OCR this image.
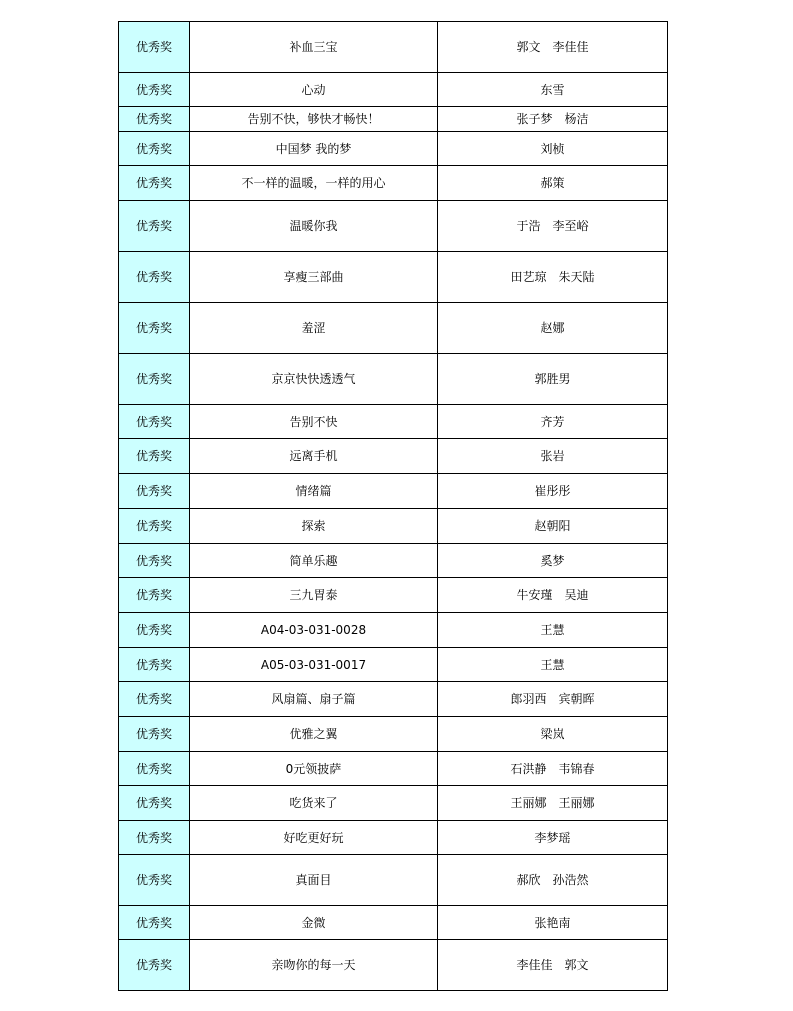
优秀奖	补血三宝	郭文　李佳佳
优秀奖	心动	东雪
优秀奖	告别不快，够快才畅快！	张子梦　杨洁
优秀奖	中国梦 我的梦	刘桢
优秀奖	不一样的温暖，一样的用心	郝策
优秀奖	温暖你我	于浩　李至峪
优秀奖	享瘦三部曲	田艺琼　朱天陆
优秀奖	羞涩	赵娜
优秀奖	京京快快透透气	郭胜男
优秀奖	告别不快	齐芳
优秀奖	远离手机	张岩
优秀奖	情绪篇	崔彤彤
优秀奖	探索	赵朝阳
优秀奖	简单乐趣	奚梦
优秀奖	三九胃泰	牛安瑾　吴迪
优秀奖	A04-03-031-0028	王慧
优秀奖	A05-03-031-0017	王慧
优秀奖	风扇篇、扇子篇	郎羽西　宾朝晖
优秀奖	优雅之翼	梁岚
优秀奖	0元领披萨	石洪静　韦锦春
优秀奖	吃货来了	王丽娜　王丽娜
优秀奖	好吃更好玩	李梦瑶
优秀奖	真面目	郝欣　孙浩然
优秀奖	金微	张艳南
优秀奖	亲吻你的每一天	李佳佳　郭文
